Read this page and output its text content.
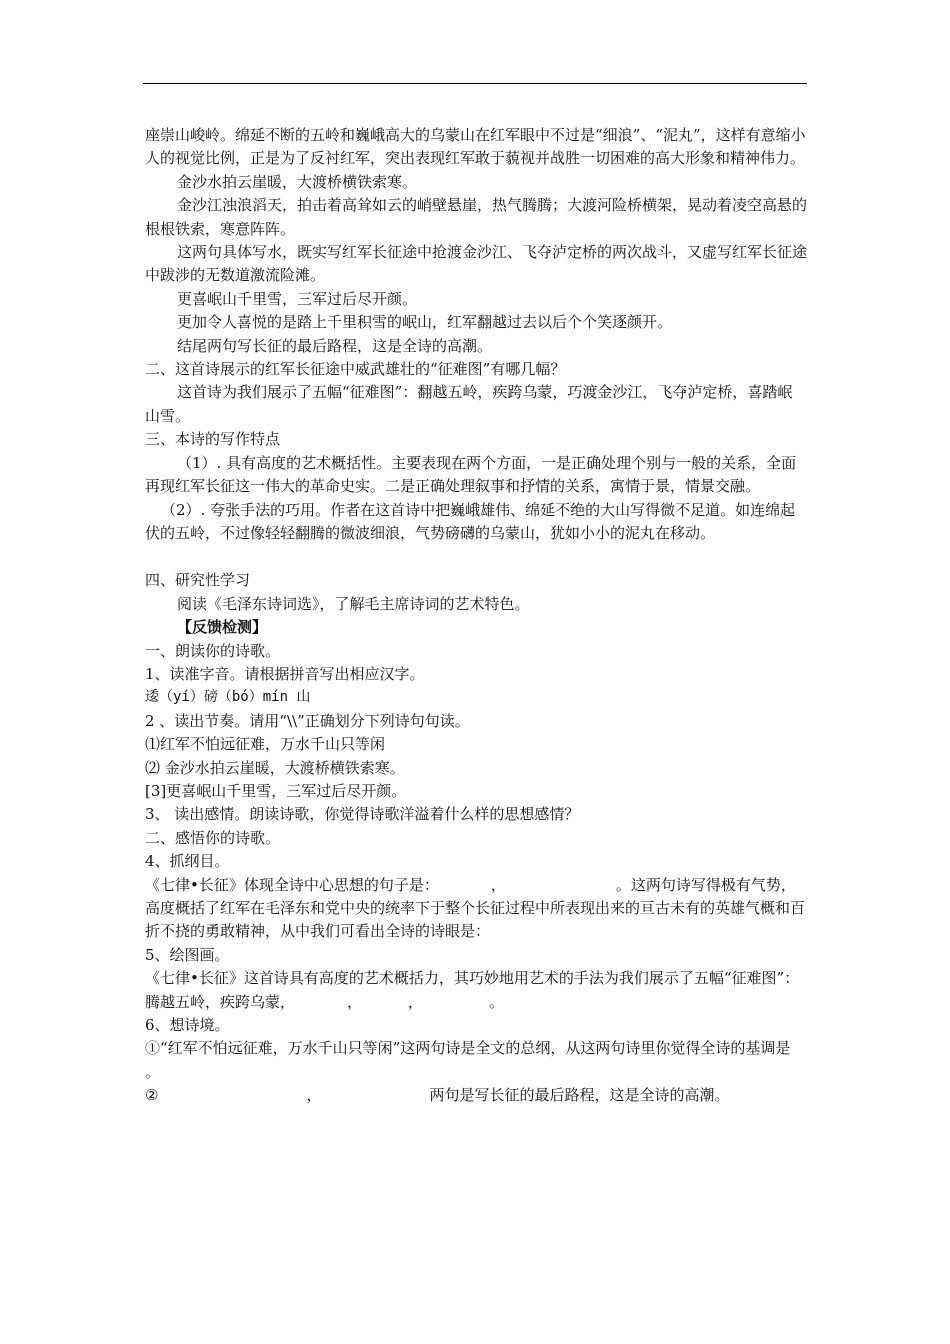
座崇山峻岭。绵延不断的五岭和巍峨高大的乌蒙山在红军眼中不过是“细浪”、“泥丸”，这样有意缩小人的视觉比例，正是为了反衬红军，突出表现红军敢于藐视并战胜一切困难的高大形象和精神伟力。

金沙水拍云崖暖，大渡桥横铁索寒。

金沙江浊浪滔天，拍击着高耸如云的峭壁悬崖，热气腾腾；大渡河险桥横架，晃动着凌空高悬的根根铁索，寒意阵阵。

这两句具体写水，既实写红军长征途中抢渡金沙江、飞夺泸定桥的两次战斗，又虚写红军长征途中跋涉的无数道激流险滩。

更喜岷山千里雪，三军过后尽开颜。

更加令人喜悦的是踏上千里积雪的岷山，红军翻越过去以后个个笑逐颜开。

结尾两句写长征的最后路程，这是全诗的高潮。

二、这首诗展示的红军长征途中威武雄壮的“征难图”有哪几幅？

这首诗为我们展示了五幅“征难图”：翻越五岭，疾跨乌蒙，巧渡金沙江，飞夺泸定桥，喜踏岷山雪。

三、本诗的写作特点

（1）. 具有高度的艺术概括性。主要表现在两个方面，一是正确处理个别与一般的关系，全面再现红军长征这一伟大的革命史实。二是正确处理叙事和抒情的关系，寓情于景，情景交融。

（2）. 夸张手法的巧用。作者在这首诗中把巍峨雄伟、绵延不绝的大山写得微不足道。如连绵起伏的五岭，不过像轻轻翻腾的微波细浪，气势磅礴的乌蒙山，犹如小小的泥丸在移动。

四、研究性学习

阅读《毛泽东诗词选》，了解毛主席诗词的艺术特色。

【反馈检测】

一、朗读你的诗歌。

1、读准字音。请根据拼音写出相应汉字。

逶（yí）磅（bó）mín 山

2 、读出节奏。请用“\\”正确划分下列诗句句读。

⑴红军不怕远征难，万水千山只等闲

⑵ 金沙水拍云崖暖，大渡桥横铁索寒。

[3]更喜岷山千里雪，三军过后尽开颜。

3、 读出感情。朗读诗歌，你觉得诗歌洋溢着什么样的思想感情？

二、感悟你的诗歌。

4、抓纲目。

《七律•长征》体现全诗中心思想的句子是：	，	。这两句诗写得极有气势，高度概括了红军在毛泽东和党中央的统率下于整个长征过程中所表现出来的亘古未有的英雄气概和百折不挠的勇敢精神，从中我们可看出全诗的诗眼是：

5、绘图画。

《七律•长征》这首诗具有高度的艺术概括力，其巧妙地用艺术的手法为我们展示了五幅“征难图”：腾越五岭，疾跨乌蒙，	，	，	。

6、想诗境。

①“红军不怕远征难，万水千山只等闲”这两句诗是全文的总纲，从这两句诗里你觉得全诗的基调是。

②	，	两句是写长征的最后路程，这是全诗的高潮。
